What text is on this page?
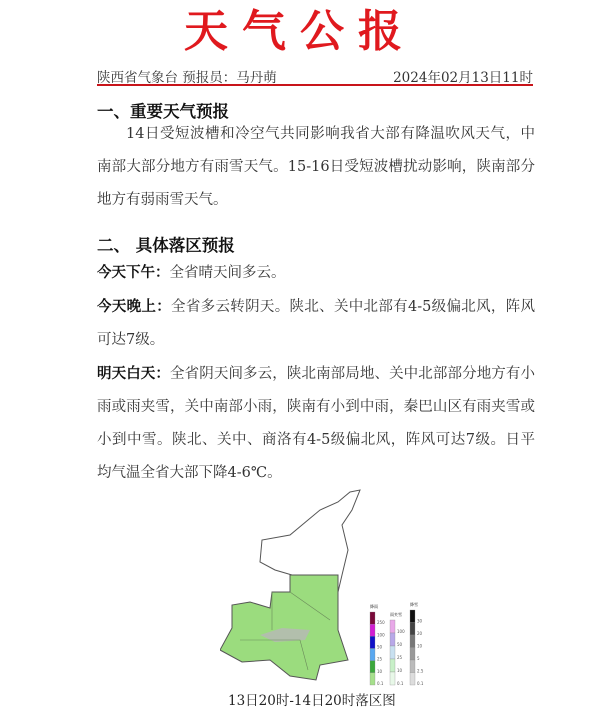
天气公报
陕西省气象台 预报员：马丹萌	2024年02月13日11时
一、重要天气预报
14日受短波槽和冷空气共同影响我省大部有降温吹风天气，中南部大部分地方有雨雪天气。15-16日受短波槽扰动影响，陕南部分地方有弱雨雪天气。
二、 具体落区预报
今天下午：全省晴天间多云。
今天晚上：全省多云转阴天。陕北、关中北部有4-5级偏北风，阵风可达7级。
明天白天：全省阴天间多云，陕北南部局地、关中北部部分地方有小雨或雨夹雪，关中南部小雨，陕南有小到中雨，秦巴山区有雨夹雪或小到中雪。陕北、关中、商洛有4-5级偏北风，阵风可达7级。日平均气温全省大部下降4-6℃。
降雨
250
100
50
25
10
0.1
雨夹雪
100
50
25
10
0.1
降雪
30
20
10
5
2.5
0.1
13日20时-14日20时落区图
